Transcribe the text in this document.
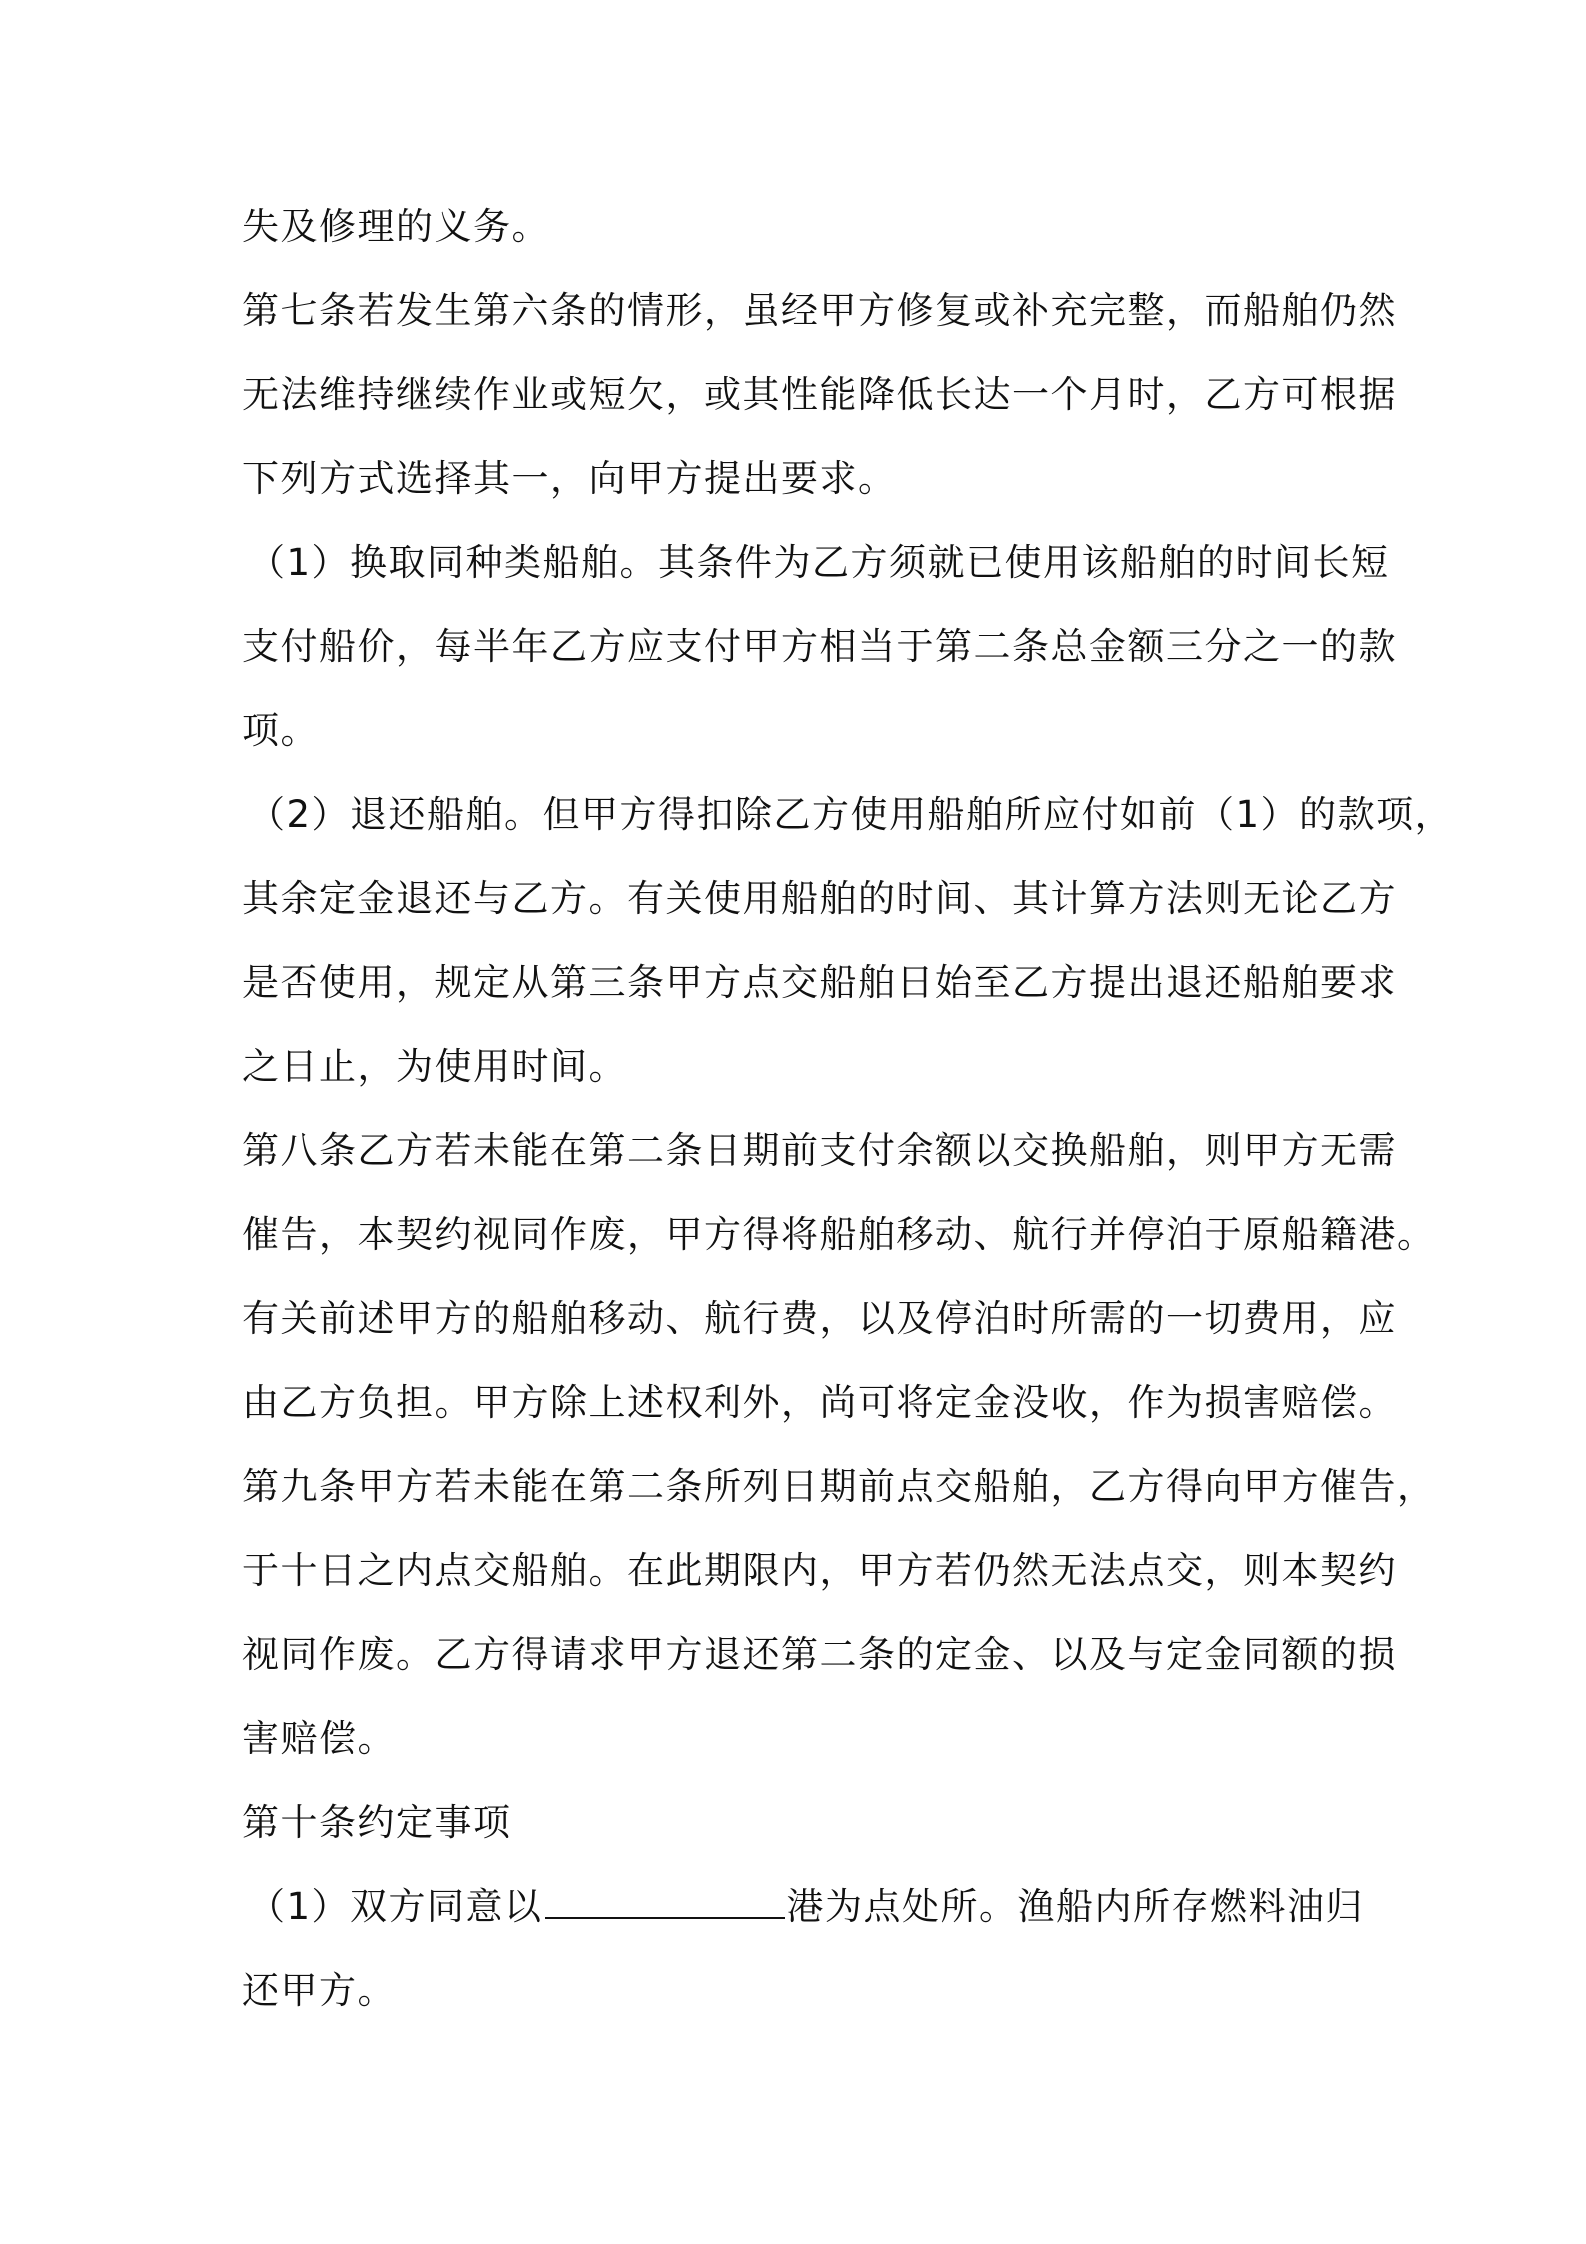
失及修理的义务。

第七条若发生第六条的情形，虽经甲方修复或补充完整，而船舶仍然

无法维持继续作业或短欠，或其性能降低长达一个月时，乙方可根据

下列方式选择其一，向甲方提出要求。

（1）换取同种类船舶。其条件为乙方须就已使用该船舶的时间长短

支付船价，每半年乙方应支付甲方相当于第二条总金额三分之一的款

项。

（2）退还船舶。但甲方得扣除乙方使用船舶所应付如前（1）的款项，

其余定金退还与乙方。有关使用船舶的时间、其计算方法则无论乙方

是否使用，规定从第三条甲方点交船舶日始至乙方提出退还船舶要求

之日止，为使用时间。

第八条乙方若未能在第二条日期前支付余额以交换船舶，则甲方无需

催告，本契约视同作废，甲方得将船舶移动、航行并停泊于原船籍港。

有关前述甲方的船舶移动、航行费，以及停泊时所需的一切费用，应

由乙方负担。甲方除上述权利外，尚可将定金没收，作为损害赔偿。

第九条甲方若未能在第二条所列日期前点交船舶，乙方得向甲方催告，

于十日之内点交船舶。在此期限内，甲方若仍然无法点交，则本契约

视同作废。乙方得请求甲方退还第二条的定金、以及与定金同额的损

害赔偿。

第十条约定事项

（1）双方同意以	港为点处所。渔船内所存燃料油归

还甲方。
